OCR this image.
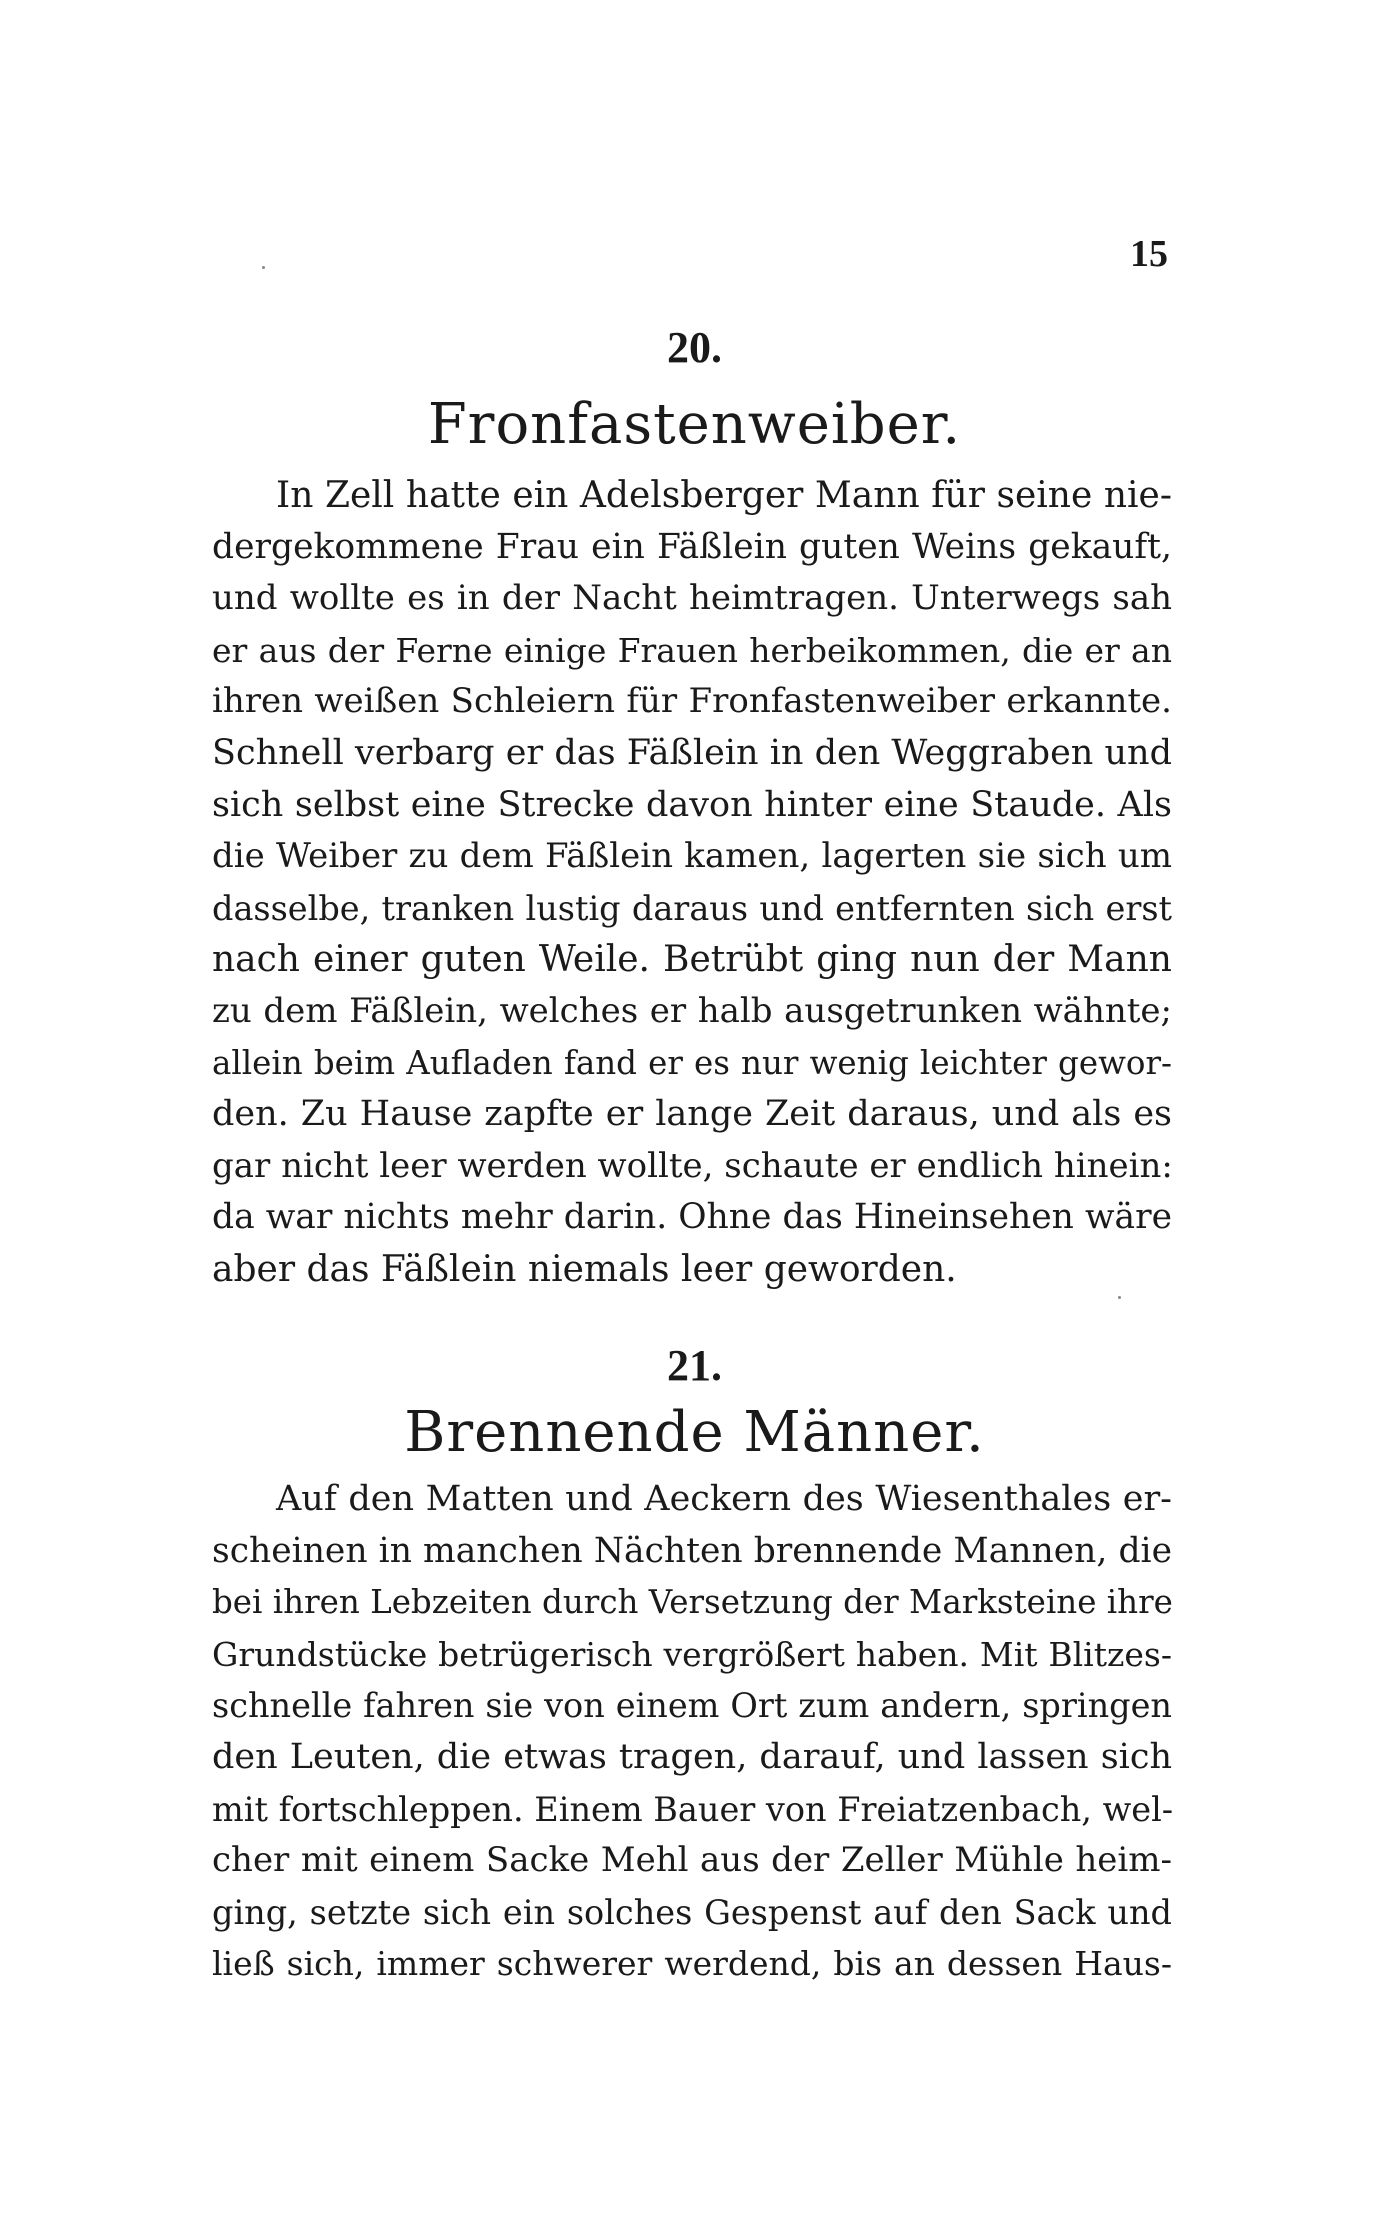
15
20.
Fronfastenweiber.
In Zell hatte ein Adelsberger Mann für seine nie-
dergekommene Frau ein Fäßlein guten Weins gekauft,
und wollte es in der Nacht heimtragen. Unterwegs sah
er aus der Ferne einige Frauen herbeikommen, die er an
ihren weißen Schleiern für Fronfastenweiber erkannte.
Schnell verbarg er das Fäßlein in den Weggraben und
sich selbst eine Strecke davon hinter eine Staude. Als
die Weiber zu dem Fäßlein kamen, lagerten sie sich um
dasselbe, tranken lustig daraus und entfernten sich erst
nach einer guten Weile. Betrübt ging nun der Mann
zu dem Fäßlein, welches er halb ausgetrunken wähnte;
allein beim Aufladen fand er es nur wenig leichter gewor-
den. Zu Hause zapfte er lange Zeit daraus, und als es
gar nicht leer werden wollte, schaute er endlich hinein:
da war nichts mehr darin. Ohne das Hineinsehen wäre
aber das Fäßlein niemals leer geworden.
21.
Brennende Männer.
Auf den Matten und Aeckern des Wiesenthales er-
scheinen in manchen Nächten brennende Mannen, die
bei ihren Lebzeiten durch Versetzung der Marksteine ihre
Grundstücke betrügerisch vergrößert haben. Mit Blitzes-
schnelle fahren sie von einem Ort zum andern, springen
den Leuten, die etwas tragen, darauf, und lassen sich
mit fortschleppen. Einem Bauer von Freiatzenbach, wel-
cher mit einem Sacke Mehl aus der Zeller Mühle heim-
ging, setzte sich ein solches Gespenst auf den Sack und
ließ sich, immer schwerer werdend, bis an dessen Haus-
